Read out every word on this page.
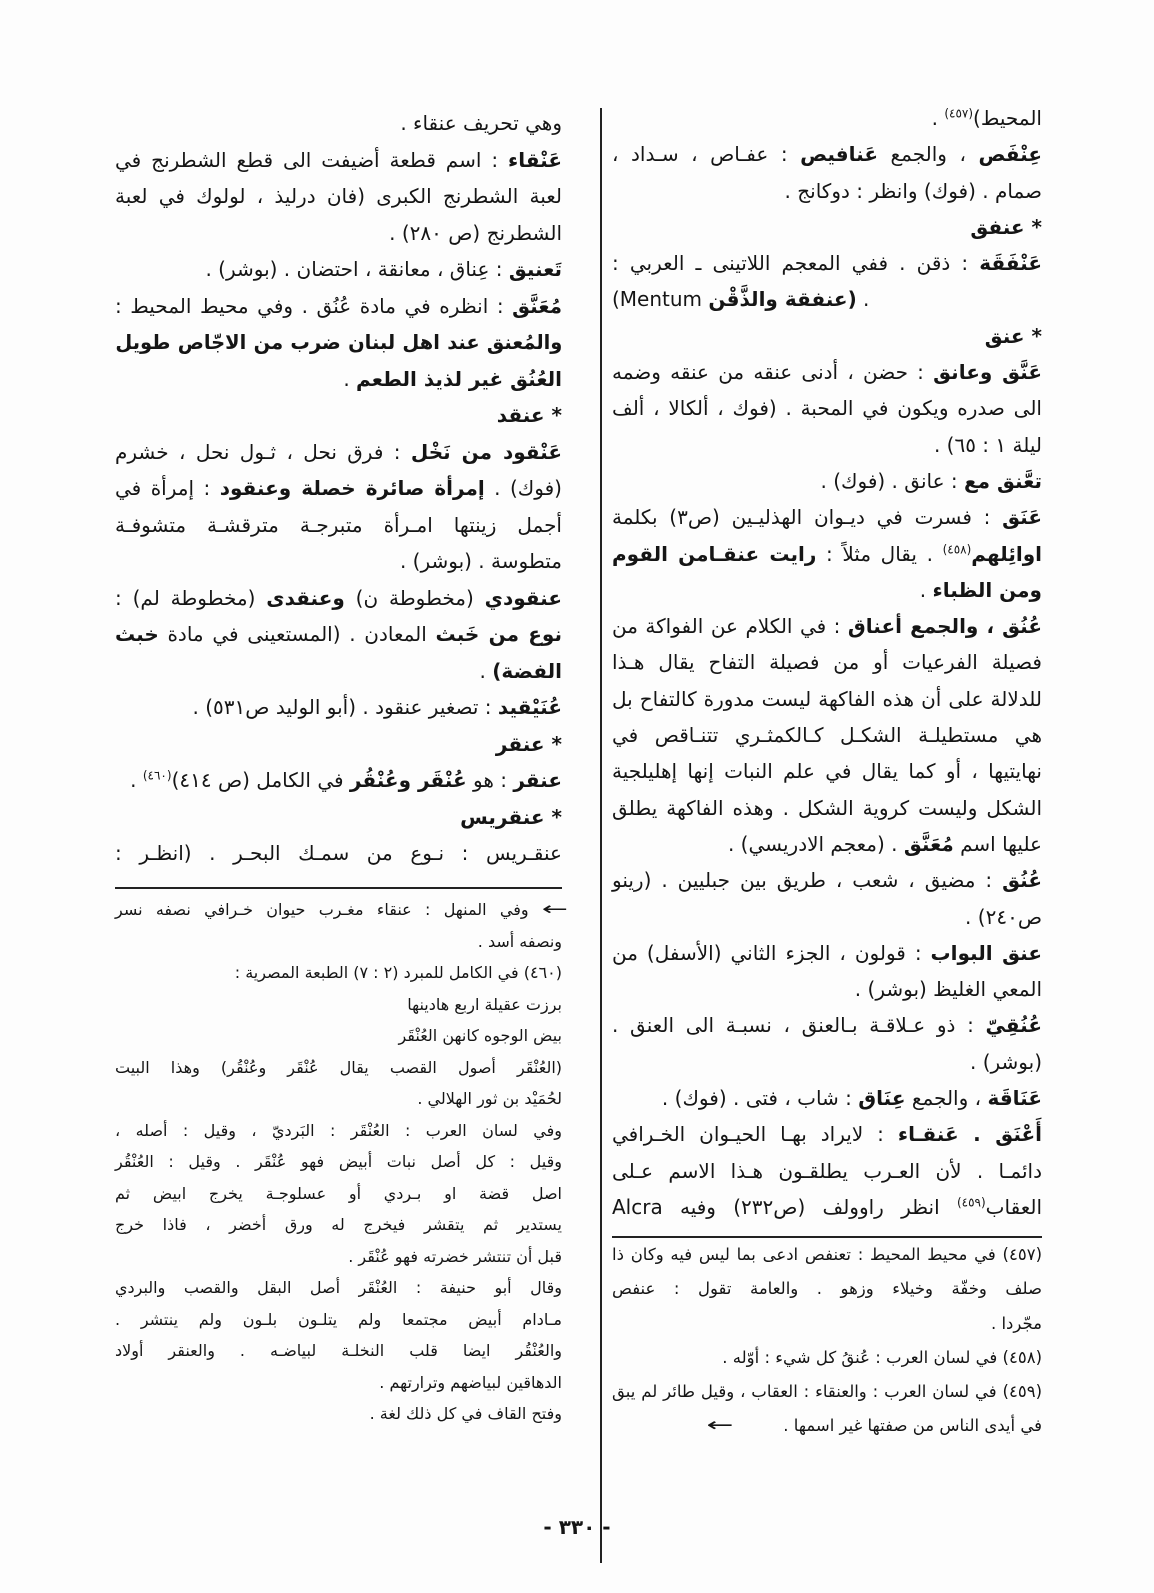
المحيط)$^{(٤٥٧)}$ .
عِنْفَص ، والجمع عَنافيص : عفـاص ، سـداد ،
صمام . (فوك) وانظر : دوكانج .
* عنفق
عَنْفَقَة : ذقن . ففي المعجم اللاتينى ـ العربي :
(Mentum عنفقة والذَّقْن) .
* عنق
عَنَّق وعانق : حضن ، أدنى عنقه من عنقه وضمه
الى صدره ويكون في المحبة . (فوك ، ألكالا ، ألف
ليلة ١ : ٦٥) .
تعَّنق مع : عانق . (فوك) .
عَنَق : فسرت في ديـوان الهذليـين (ص٣) بكلمة
اوائِلهم$^{(٤٥٨)}$ . يقال مثلاً : رايت عنقـامن القوم
ومن الظباء .
عُنُق ، والجمع أعناق : في الكلام عن الفواكة من
فصيلة الفرعيات أو من فصيلة التفاح يقال هـذا
للدلالة على أن هذه الفاكهة ليست مدورة كالتفاح بل
هي مستطيلـة الشكـل كـالكمثـري تتنـاقص في
نهايتيها ، أو كما يقال في علم النبات إنها إهليلجية
الشكل وليست كروية الشكل . وهذه الفاكهة يطلق
عليها اسم مُعَنَّق . (معجم الادريسي) .
عُنُق : مضيق ، شعب ، طريق بين جبليين . (رينو
ص٢٤٠) .
عنق البواب : قولون ، الجزء الثاني (الأسفل) من
المعي الغليظ (بوشر) .
عُنُقِيّ : ذو عـلاقـة بـالعنق ، نسبـة الى العنق .
(بوشر) .
عَنَاقَة ، والجمع عِنَاق : شاب ، فتى . (فوك) .
أَعْنَق . عَنقـاء : لايراد بهـا الحيـوان الخـرافي
دائمـا . لأن العـرب يطلقـون هـذا الاسم عـلى
العقاب$^{(٤٥٩)}$ انظر راوولف (ص٢٣٢) وفيه Alcra
(٤٥٧) في محيط المحيط : تعنفص ادعى بما ليس فيه وكان ذا
صلف وخفّة وخيلاء وزهو . والعامة تقول : عنفص
مجّردا .
(٤٥٨) في لسان العرب : عُنقُ كل شيء : أوّله .
(٤٥٩) في لسان العرب : والعنقاء : العقاب ، وقيل طائر لم يبق
في أيدى الناس من صفتها غير اسمها .←
وهي تحريف عنقاء .
عَنْقاء : اسم قطعة أضيفت الى قطع الشطرنج في
لعبة الشطرنج الكبرى (فان درليذ ، لولوك في لعبة
الشطرنج (ص ٢٨٠) .
تَعنيق : عِناق ، معانقة ، احتضان . (بوشر) .
مُعَنَّق : انظره في مادة عُنُق . وفي محيط المحيط :
والمُعنق عند اهل لبنان ضرب من الاجّاص طويل
العُنُق غير لذيذ الطعم .
* عنقد
عَنْقود من نَخْل : فرق نحل ، ثـول نحل ، خشرم
(فوك) . إمرأة صائرة خصلة وعنقود : إمرأة في
أجمل زينتها امـرأة متبرجـة مترقشـة متشوفـة
متطوسة . (بوشر) .
عنقودي (مخطوطة ن) وعنقدى (مخطوطة لم) :
نوع من خَبث المعادن . (المستعينى في مادة خبث
الفضة) .
عُنَيْقيد : تصغير عنقود . (أبو الوليد ص٥٣١) .
* عنقر
عنقر : هو عُنْقَر وعُنْقُر في الكامل (ص ٤١٤)$^{(٤٦٠)}$ .
* عنقريس
عنقـريس : نـوع من سمـك البحـر . (انظـر :
←وفي المنهل : عنقاء مغـرب حيوان خـرافي نصفه نسر
ونصفه أسد .
(٤٦٠) في الكامل للمبرد (٢ : ٧) الطبعة المصرية :
برزت عقيلة اربع هادينها
بيض الوجوه كانهن العُنْقَر
(العُنْقَر أصول القصب يقال عُنْقَر وعُنْقُر) وهذا البيت
لحُمَيْد بن ثور الهلالي .
وفي لسان العرب : العُنْقَر : البَرديّ ، وقيل : أصله ،
وقيل : كل أصل نبات أبيض فهو عُنْقَر . وقيل : العُنْقُر
اصل قضة او بـردي أو عسلوجـة يخرج ابيض ثم
يستدير ثم يتقشر فيخرج له ورق أخضر ، فاذا خرج
قبل أن تنتشر خضرته فهو عُنْقَر .
وقال أبو حنيفة : العُنْقَر أصل البقل والقصب والبردي
مـادام أبيض مجتمعا ولم يتلـون بلـون ولم ينتشر .
والعُنْقُر ايضا قلب النخلـة لبياضـه . والعنقر أولاد
الدهاقين لبياضهم وترارتهم .
وفتح القاف في كل ذلك لغة .
- ٣٣٠ -
